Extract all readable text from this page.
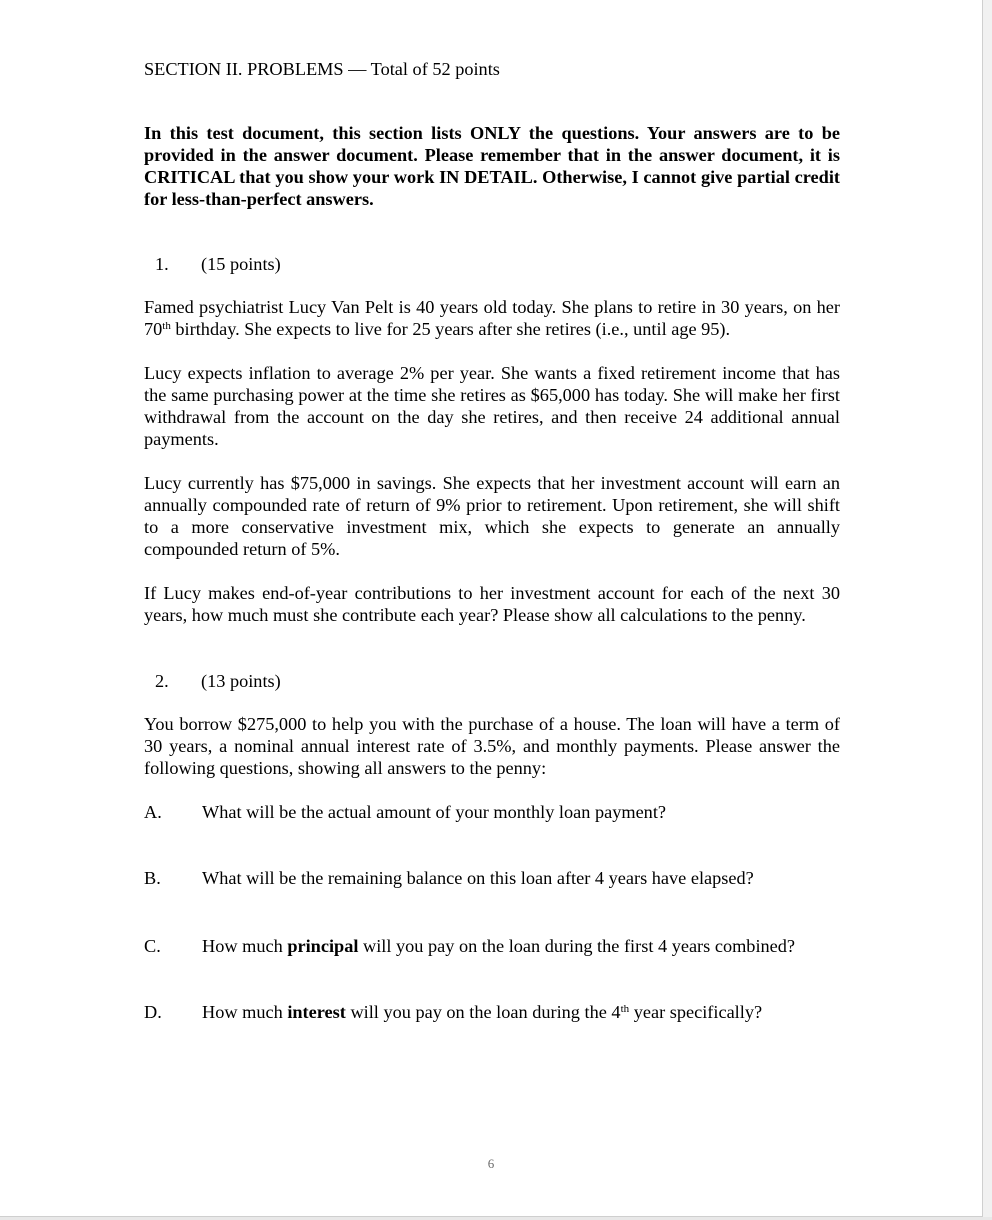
SECTION II. PROBLEMS — Total of 52 points

In this test document, this section lists ONLY the questions. Your answers are to be provided in the answer document. Please remember that in the answer document, it is CRITICAL that you show your work IN DETAIL. Otherwise, I cannot give partial credit for less-than-perfect answers.

1.	(15 points)

Famed psychiatrist Lucy Van Pelt is 40 years old today. She plans to retire in 30 years, on her 70th birthday. She expects to live for 25 years after she retires (i.e., until age 95).

Lucy expects inflation to average 2% per year. She wants a fixed retirement income that has the same purchasing power at the time she retires as $65,000 has today. She will make her first withdrawal from the account on the day she retires, and then receive 24 additional annual payments.

Lucy currently has $75,000 in savings. She expects that her investment account will earn an annually compounded rate of return of 9% prior to retirement. Upon retirement, she will shift to a more conservative investment mix, which she expects to generate an annually compounded return of 5%.

If Lucy makes end-of-year contributions to her investment account for each of the next 30 years, how much must she contribute each year? Please show all calculations to the penny.

2.	(13 points)

You borrow $275,000 to help you with the purchase of a house. The loan will have a term of 30 years, a nominal annual interest rate of 3.5%, and monthly payments. Please answer the following questions, showing all answers to the penny:

A.	What will be the actual amount of your monthly loan payment?
B.	What will be the remaining balance on this loan after 4 years have elapsed?
C.	How much principal will you pay on the loan during the first 4 years combined?
D.	How much interest will you pay on the loan during the 4th year specifically?
6
